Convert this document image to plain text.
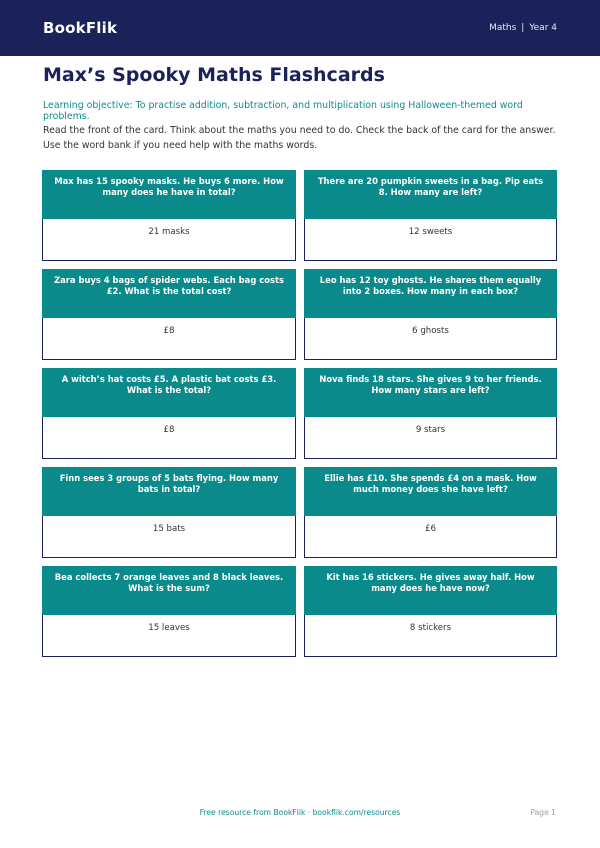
BookFlik	Maths | Year 4
Max’s Spooky Maths Flashcards

Learning objective: To practise addition, subtraction, and multiplication using Halloween-themed word problems.

Read the front of the card. Think about the maths you need to do. Check the back of the card for the answer. Use the word bank if you need help with the maths words.

Max has 15 spooky masks. He buys 6 more. How many does he have in total?
21 masks
There are 20 pumpkin sweets in a bag. Pip eats 8. How many are left?
12 sweets
Zara buys 4 bags of spider webs. Each bag costs £2. What is the total cost?
£8
Leo has 12 toy ghosts. He shares them equally into 2 boxes. How many in each box?
6 ghosts
A witch’s hat costs £5. A plastic bat costs £3. What is the total?
£8
Nova finds 18 stars. She gives 9 to her friends. How many stars are left?
9 stars
Finn sees 3 groups of 5 bats flying. How many bats in total?
15 bats
Ellie has £10. She spends £4 on a mask. How much money does she have left?
£6
Bea collects 7 orange leaves and 8 black leaves. What is the sum?
15 leaves
Kit has 16 stickers. He gives away half. How many does he have now?
8 stickers
Free resource from BookFlik · bookflik.com/resources	Page 1
